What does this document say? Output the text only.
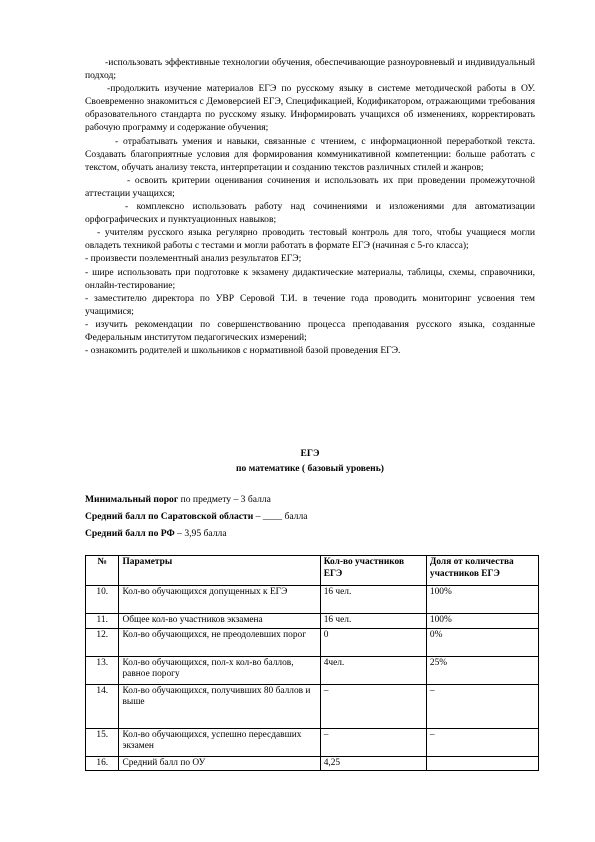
-использовать эффективные технологии обучения, обеспечивающие разноуровневый и индивидуальный подход;

-продолжить изучение материалов ЕГЭ по русскому языку в системе методической работы в ОУ. Своевременно знакомиться с Демоверсией ЕГЭ, Спецификацией, Кодификатором, отражающими требования образовательного стандарта по русскому языку. Информировать учащихся об изменениях, корректировать рабочую программу и содержание обучения;

- отрабатывать умения и навыки, связанные с чтением, с информационной переработкой текста. Создавать благоприятные условия для формирования коммуникативной компетенции: больше работать с текстом, обучать анализу текста, интерпретации и созданию текстов различных стилей и жанров;

- освоить критерии оценивания сочинения и использовать их при проведении промежуточной аттестации учащихся;

- комплексно использовать работу над сочинениями и изложениями для автоматизации орфографических и пунктуационных навыков;

- учителям русского языка регулярно проводить тестовый контроль для того, чтобы учащиеся могли овладеть техникой работы с тестами и могли работать в формате ЕГЭ (начиная с 5-го класса);

- произвести поэлементный анализ результатов ЕГЭ;

- шире использовать при подготовке к экзамену дидактические материалы, таблицы, схемы, справочники, онлайн-тестирование;

- заместителю директора по УВР Серовой Т.И. в течение года проводить мониторинг усвоения тем учащимися;

- изучить рекомендации по совершенствованию процесса преподавания русского языка, созданные Федеральным институтом педагогических измерений;

- ознакомить родителей и школьников с нормативной базой проведения ЕГЭ.

ЕГЭ
по математике ( базовый уровень)
Минимальный порог по предмету – 3 балла
Средний балл по Саратовской области – ____ балла
Средний балл по РФ – 3,95 балла
№	Параметры	Кол-во участников ЕГЭ	Доля от количества участников ЕГЭ
10.	Кол-во обучающихся допущенных к ЕГЭ	16 чел.	100%
11.	Общее кол-во участников экзамена	16 чел.	100%
12.	Кол-во обучающихся, не преодолевших порог	0	0%
13.	Кол-во обучающихся, пол-х кол-во баллов, равное порогу	4чел.	25%
14.	Кол-во обучающихся, получивших 80 баллов и выше	–	–
15.	Кол-во обучающихся, успешно пересдавших экзамен	–	–
16.	Средний балл по ОУ	4,25	
